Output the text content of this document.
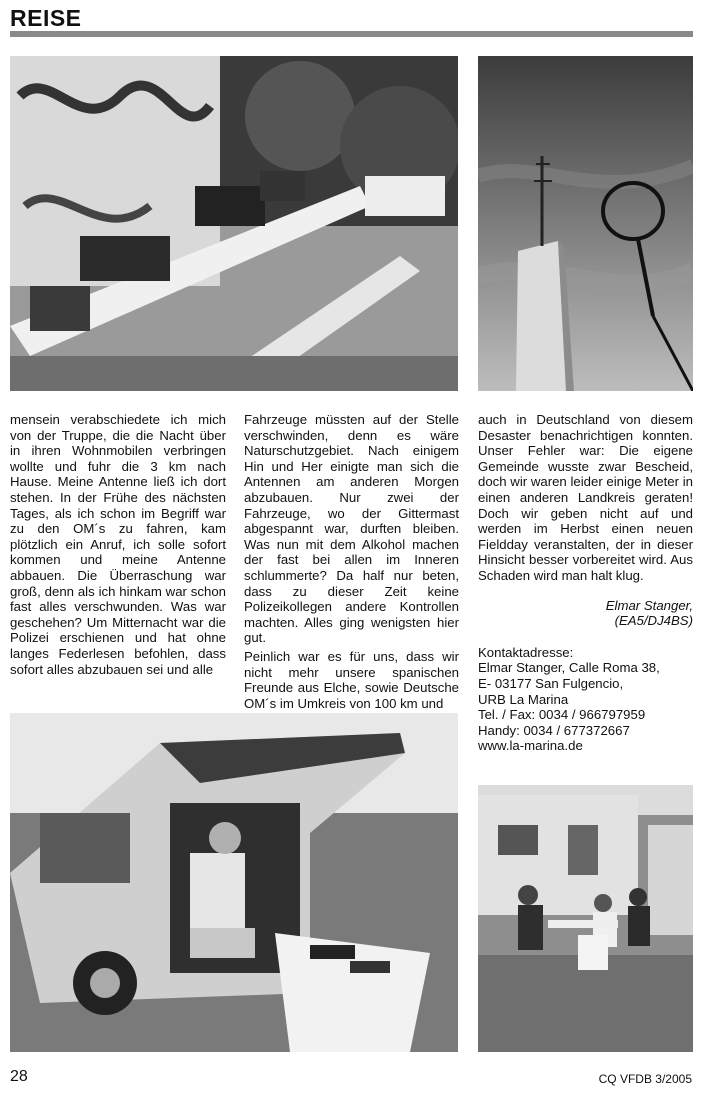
REISE

mensein verabschiedete ich mich von der Truppe, die die Nacht über in ihren Wohnmobilen verbringen wollte und fuhr die 3 km nach Hause. Meine Antenne ließ ich dort stehen. In der Frühe des nächsten Tages, als ich schon im Begriff war zu den OM´s zu fahren, kam plötzlich ein Anruf, ich solle sofort kommen und meine Antenne abbauen. Die Überraschung war groß, denn als ich hinkam war schon fast alles verschwunden. Was war geschehen? Um Mitternacht war die Polizei erschienen und hat ohne langes Federlesen befohlen, dass sofort alles abzubauen sei und alle

Fahrzeuge müssten auf der Stelle verschwinden, denn es wäre Naturschutzgebiet. Nach einigem Hin und Her einigte man sich die Antennen am anderen Morgen abzubauen. Nur zwei der Fahrzeuge, wo der Gittermast abgespannt war, durften bleiben. Was nun mit dem Alkohol machen der fast bei allen im Inneren schlummerte? Da half nur beten, dass zu dieser Zeit keine Polizeikollegen andere Kontrollen machten. Alles ging wenigsten hier gut.

Peinlich war es für uns, dass wir nicht mehr unsere spanischen Freunde aus Elche, sowie Deutsche OM´s im Umkreis von 100 km und

auch in Deutschland von diesem Desaster benachrichtigen konnten. Unser Fehler war: Die eigene Gemeinde wusste zwar Bescheid, doch wir waren leider einige Meter in einen anderen Landkreis geraten! Doch wir geben nicht auf und werden im Herbst einen neuen Fieldday veranstalten, der in dieser Hinsicht besser vorbereitet wird. Aus Schaden wird man halt klug.

Elmar Stanger,
(EA5/DJ4BS)
Kontaktadresse:
Elmar Stanger, Calle Roma 38,
E- 03177 San Fulgencio,
URB La Marina
Tel. / Fax: 0034 / 966797959
Handy: 0034 / 677372667
www.la-marina.de
28	CQ VFDB 3/2005
